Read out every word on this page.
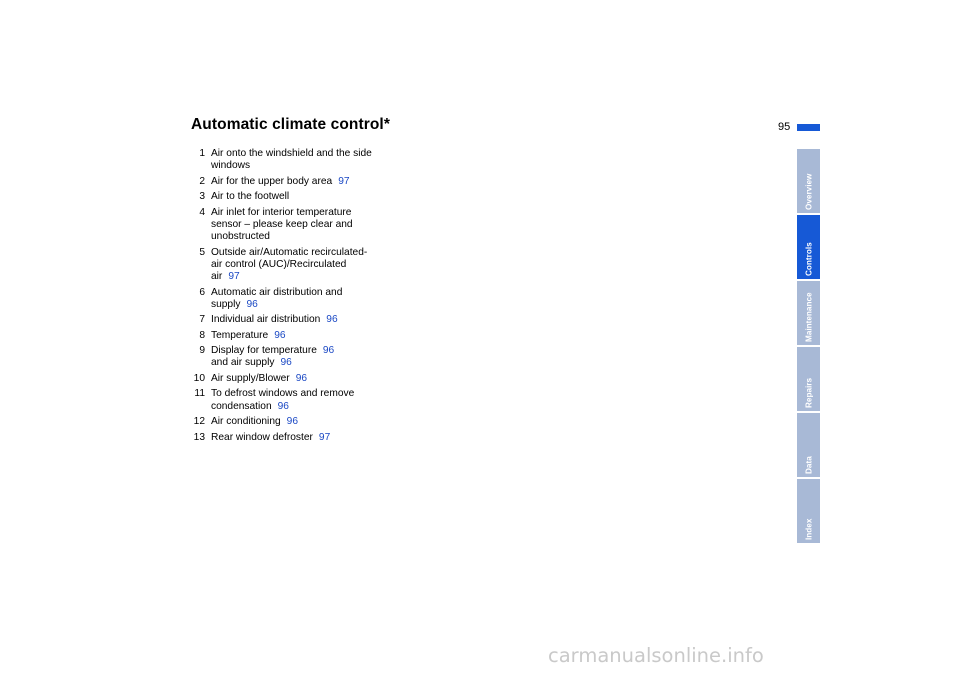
Automatic climate control*	95
1 Air onto the windshield and the side
windows
2 Air for the upper body area 97
3 Air to the footwell
4 Air inlet for interior temperature
sensor – please keep clear and
unobstructed
5 Outside air/Automatic recirculated-
air control (AUC)/Recirculated
air 97
6 Automatic air distribution and
supply 96
7 Individual air distribution 96
8 Temperature 96
9 Display for temperature 96
and air supply 96
10 Air supply/Blower 96
11 To defrost windows and remove
condensation 96
12 Air conditioning 96
13 Rear window defroster 97
Overview
Controls
Maintenance
Repairs
Data
Index
carmanualsonline.info
